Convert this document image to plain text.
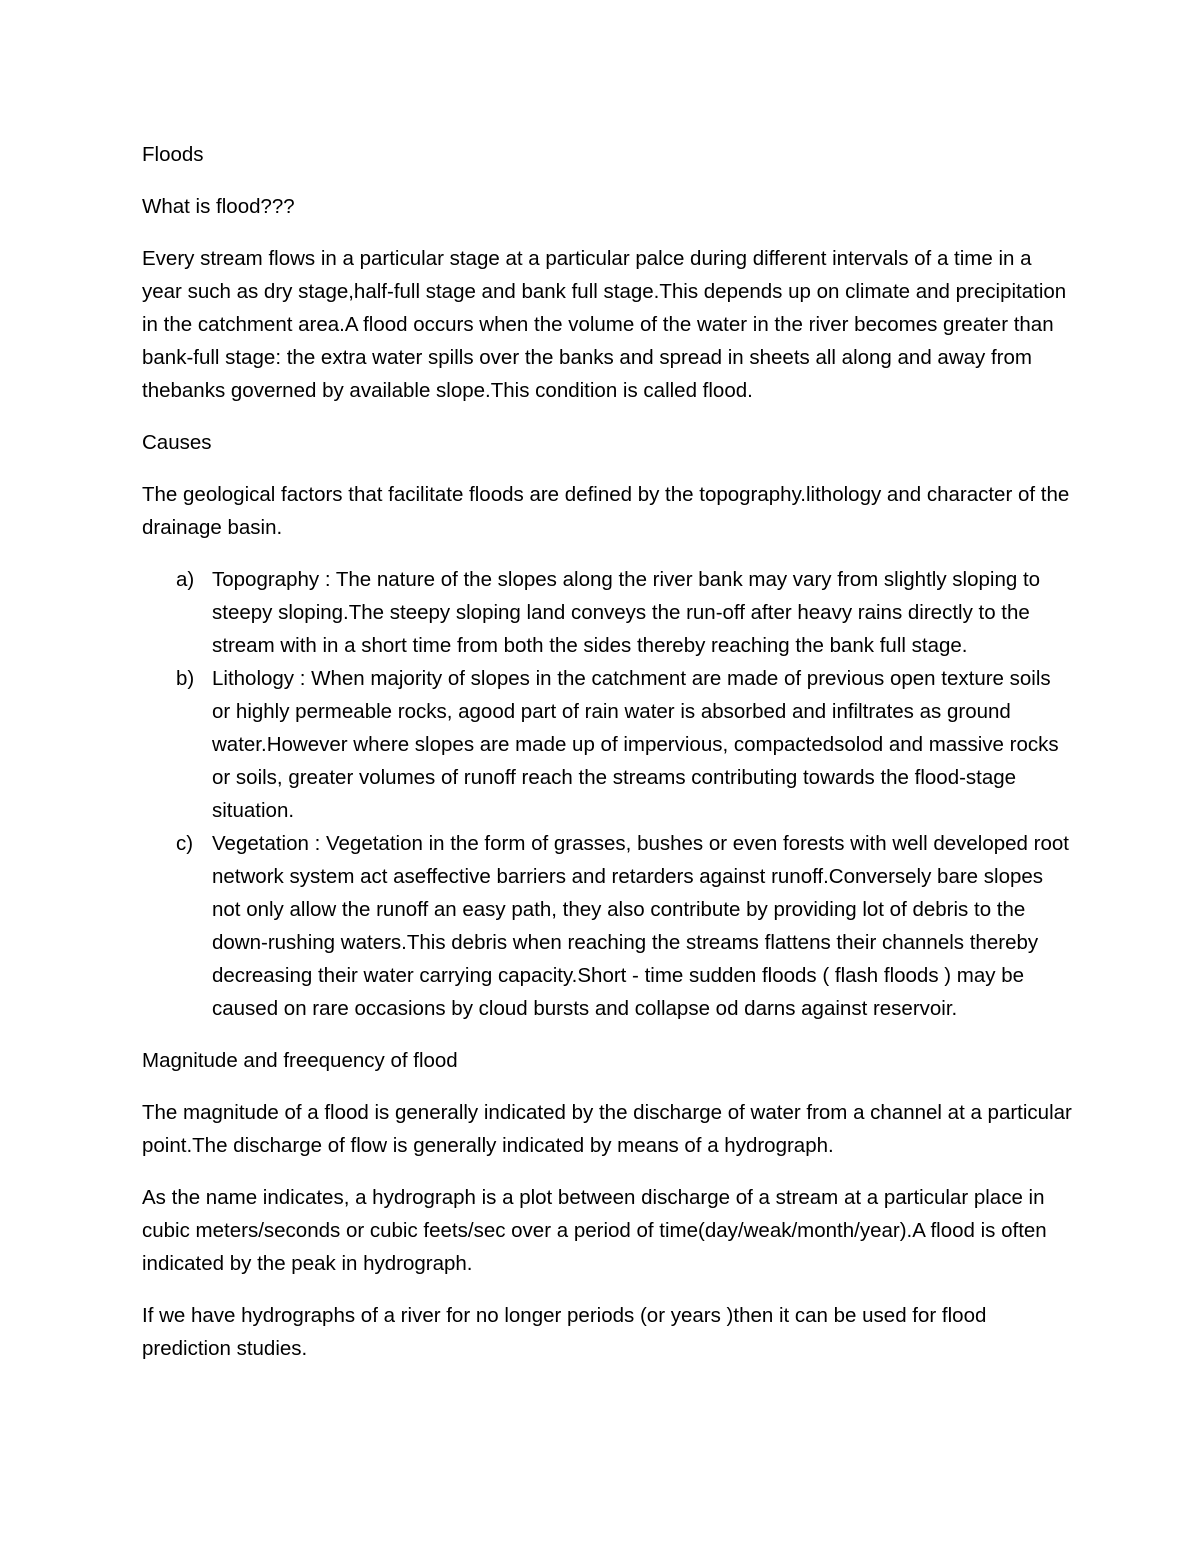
Floods

What is flood???

Every stream flows in a particular stage at a particular palce during different intervals of a time in a year such as dry stage,half-full stage and bank full stage.This depends up on climate and precipitation in the catchment area.A flood occurs when the volume of the water in the river becomes greater than bank-full stage: the extra water spills over the banks and spread in sheets all along and away from thebanks governed by available slope.This condition is called flood.

Causes

The geological factors that facilitate floods are defined by the topography.lithology and character of the drainage basin.

a) Topography : The nature of the slopes along the river bank may vary from slightly sloping to steepy sloping.The steepy sloping land conveys the run-off after heavy rains directly to the stream with in a short time from both the sides thereby reaching the bank full stage.
b) Lithology : When majority of slopes in the catchment are made of previous open texture soils or highly permeable rocks, agood part of rain water is absorbed and infiltrates as ground water.However where slopes are made up of impervious, compactedsolod and massive rocks or soils, greater volumes of runoff reach the streams contributing towards the flood-stage situation.
c) Vegetation : Vegetation in the form of grasses, bushes or even forests with well developed root network system act aseffective barriers and retarders against runoff.Conversely bare slopes not only allow the runoff an easy path, they also contribute by providing lot of debris to the down-rushing waters.This debris when reaching the streams flattens their channels thereby decreasing their water carrying capacity.Short - time sudden floods ( flash floods ) may be caused on rare occasions by cloud bursts and collapse od darns against reservoir.

Magnitude and freequency of flood

The magnitude of a flood is generally indicated by the discharge of water from a channel at a particular point.The discharge of flow is generally indicated by means of a hydrograph.

As the name indicates, a hydrograph is a plot between discharge of a stream at a particular place in cubic meters/seconds or cubic feets/sec over a period of time(day/weak/month/year).A flood is often indicated by the peak in hydrograph.

If we have hydrographs of a river for no longer periods (or years )then it can be used for flood prediction studies.
